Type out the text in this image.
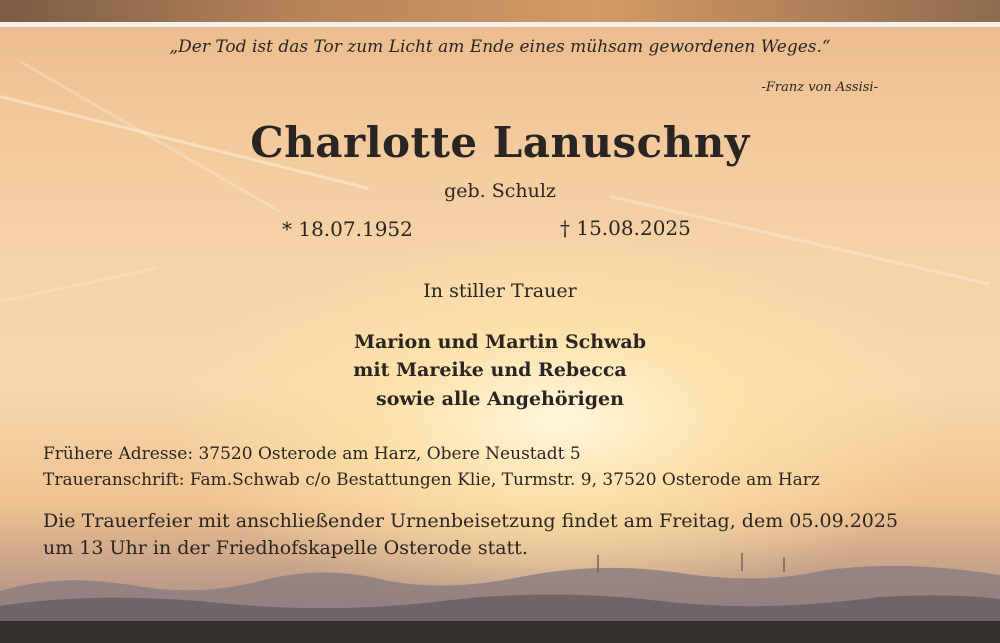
„Der Tod ist das Tor zum Licht am Ende eines mühsam gewordenen Weges.“
-Franz von Assisi-
Charlotte Lanuschny
geb. Schulz
* 18.07.1952	† 15.08.2025
In stiller Trauer
Marion und Martin Schwab
mit Mareike und Rebecca
sowie alle Angehörigen
Frühere Adresse: 37520 Osterode am Harz, Obere Neustadt 5
Traueranschrift: Fam.Schwab c/o Bestattungen Klie, Turmstr. 9, 37520 Osterode am Harz
Die Trauerfeier mit anschließender Urnenbeisetzung findet am Freitag, dem 05.09.2025
um 13 Uhr in der Friedhofskapelle Osterode statt.
